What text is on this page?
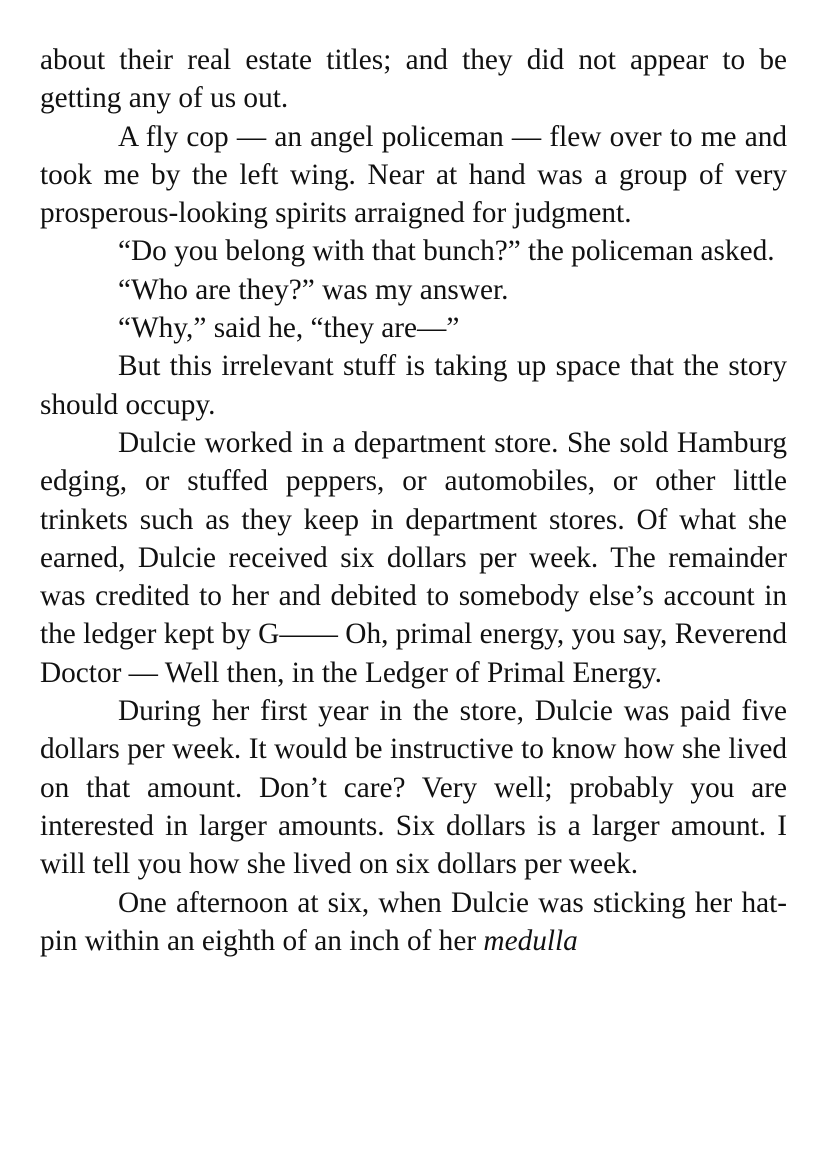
about their real estate titles; and they did not appear to be getting any of us out.

A fly cop — an angel policeman — flew over to me and took me by the left wing. Near at hand was a group of very prosperous-looking spirits arraigned for judgment.

“Do you belong with that bunch?” the policeman asked.

“Who are they?” was my answer.

“Why,” said he, “they are—”

But this irrelevant stuff is taking up space that the story should occupy.

Dulcie worked in a department store. She sold Hamburg edging, or stuffed peppers, or automobiles, or other little trinkets such as they keep in department stores. Of what she earned, Dulcie received six dollars per week. The remainder was credited to her and debited to somebody else’s account in the ledger kept by G—— Oh, primal energy, you say, Reverend Doctor — Well then, in the Ledger of Primal Energy.

During her first year in the store, Dulcie was paid five dollars per week. It would be instructive to know how she lived on that amount. Don’t care? Very well; probably you are interested in larger amounts. Six dollars is a larger amount. I will tell you how she lived on six dollars per week.

One afternoon at six, when Dulcie was sticking her hat-pin within an eighth of an inch of her medulla
